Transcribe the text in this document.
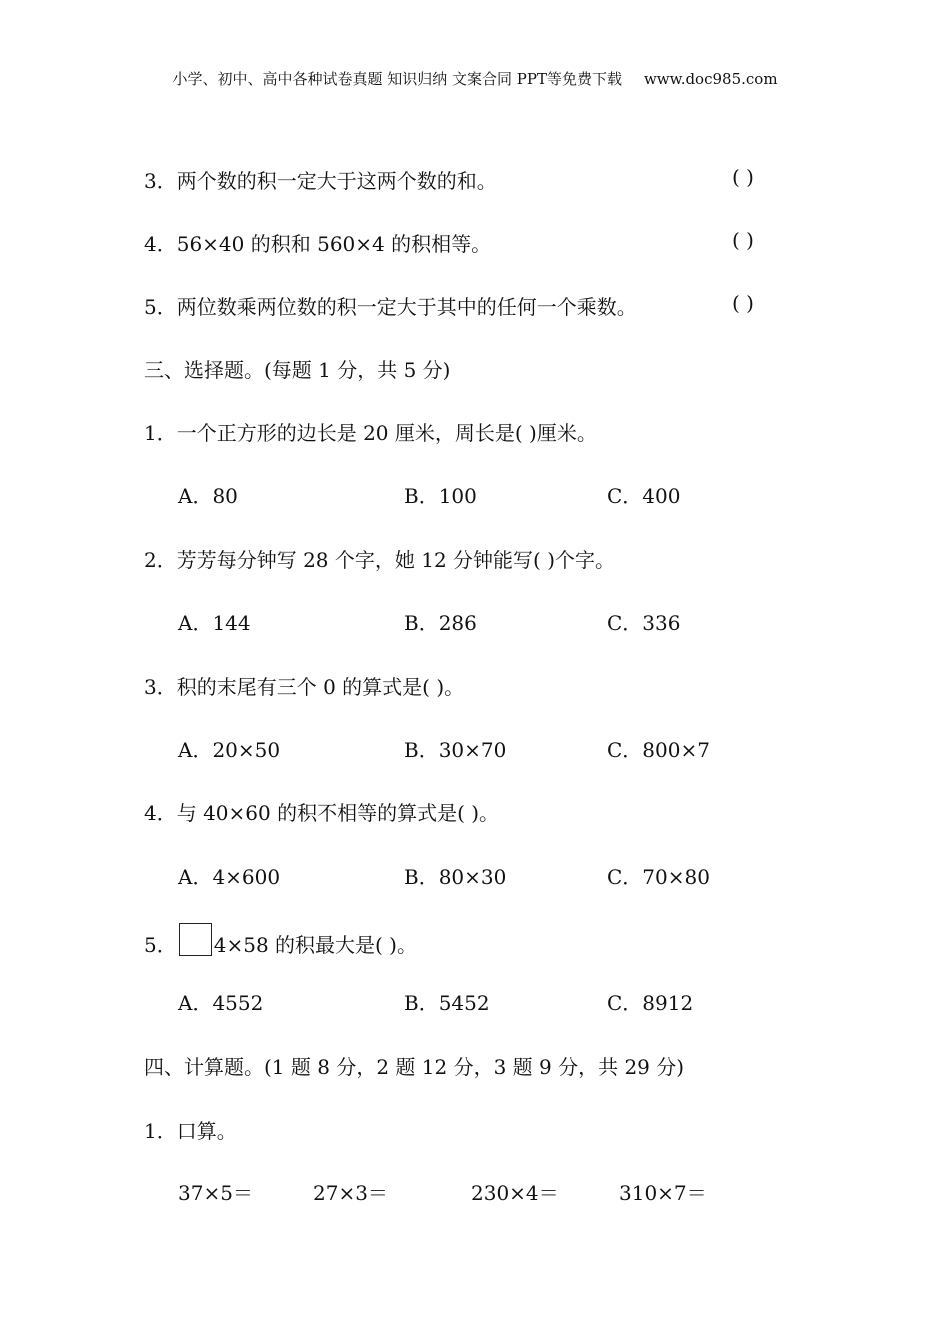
小学、初中、高中各种试卷真题 知识归纳 文案合同 PPT等免费下载 www.doc985.com
3．两个数的积一定大于这两个数的和。	( )
4．56×40 的积和 560×4 的积相等。	( )
5．两位数乘两位数的积一定大于其中的任何一个乘数。	( )
三、选择题。(每题 1 分，共 5 分)
1．一个正方形的边长是 20 厘米，周长是( )厘米。
A．80	B．100	C．400
2．芳芳每分钟写 28 个字，她 12 分钟能写( )个字。
A．144	B．286	C．336
3．积的末尾有三个 0 的算式是( )。
A．20×50	B．30×70	C．800×7
4．与 40×60 的积不相等的算式是( )。
A．4×600	B．80×30	C．70×80
5． 4×58 的积最大是( )。
A．4552	B．5452	C．8912
四、计算题。(1 题 8 分，2 题 12 分，3 题 9 分，共 29 分)
1．口算。
37×5＝	27×3＝	230×4＝	310×7＝
